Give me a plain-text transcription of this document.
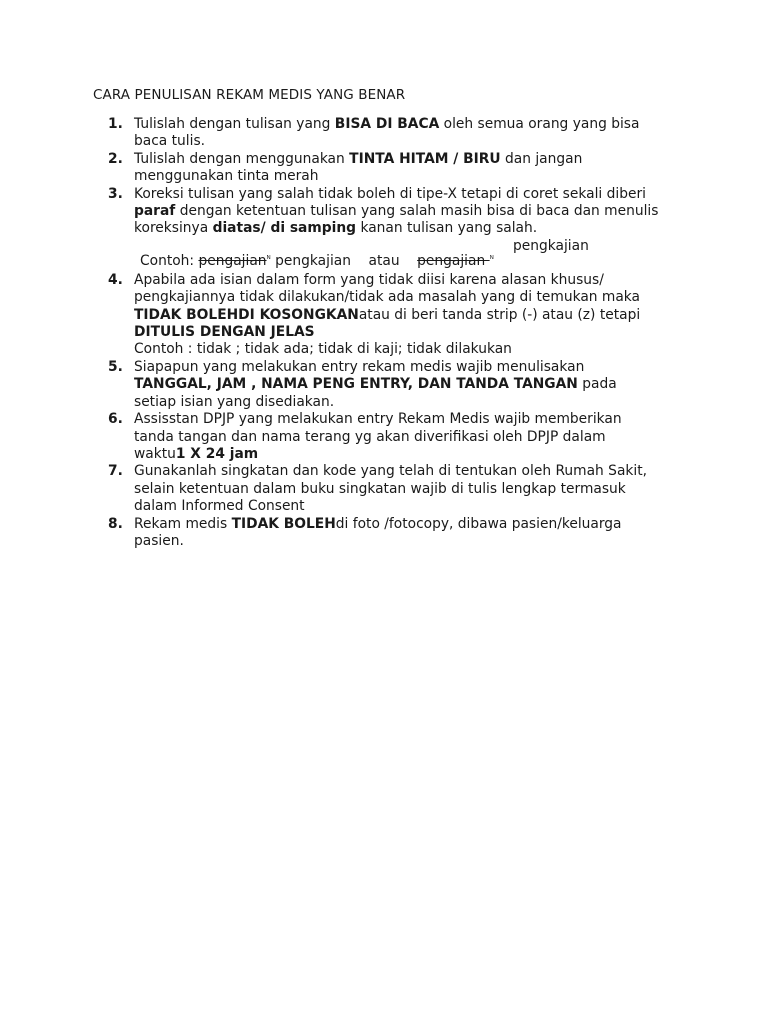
CARA PENULISAN REKAM MEDIS YANG BENAR
1. Tulislah dengan tulisan yang BISA DI BACA oleh semua orang yang bisa
baca tulis.
2. Tulislah dengan menggunakan TINTA HITAM / BIRU dan jangan
menggunakan tinta merah
3. Koreksi tulisan yang salah tidak boleh di tipe-X tetapi di coret sekali diberi
paraf dengan ketentuan tulisan yang salah masih bisa di baca dan menulis
koreksinya diatas/ di samping kanan tulisan yang salah.
pengkajian
Contoh: pengajian$^ᴺ$ pengkajian    atau    pengajian $^ᴺ$
4. Apabila ada isian dalam form yang tidak diisi karena alasan khusus/
pengkajiannya tidak dilakukan/tidak ada masalah yang di temukan maka
TIDAK BOLEHDI KOSONGKANatau di beri tanda strip (-) atau (z) tetapi
DITULIS DENGAN JELAS
Contoh : tidak ; tidak ada; tidak di kaji; tidak dilakukan
5. Siapapun yang melakukan entry rekam medis wajib menulisakan
TANGGAL, JAM , NAMA PENG ENTRY, DAN TANDA TANGAN pada
setiap isian yang disediakan.
6. Assisstan DPJP yang melakukan entry Rekam Medis wajib memberikan
tanda tangan dan nama terang yg akan diverifikasi oleh DPJP dalam
waktu1 X 24 jam
7. Gunakanlah singkatan dan kode yang telah di tentukan oleh Rumah Sakit,
selain ketentuan dalam buku singkatan wajib di tulis lengkap termasuk
dalam Informed Consent
8. Rekam medis TIDAK BOLEHdi foto /fotocopy, dibawa pasien/keluarga
pasien.
